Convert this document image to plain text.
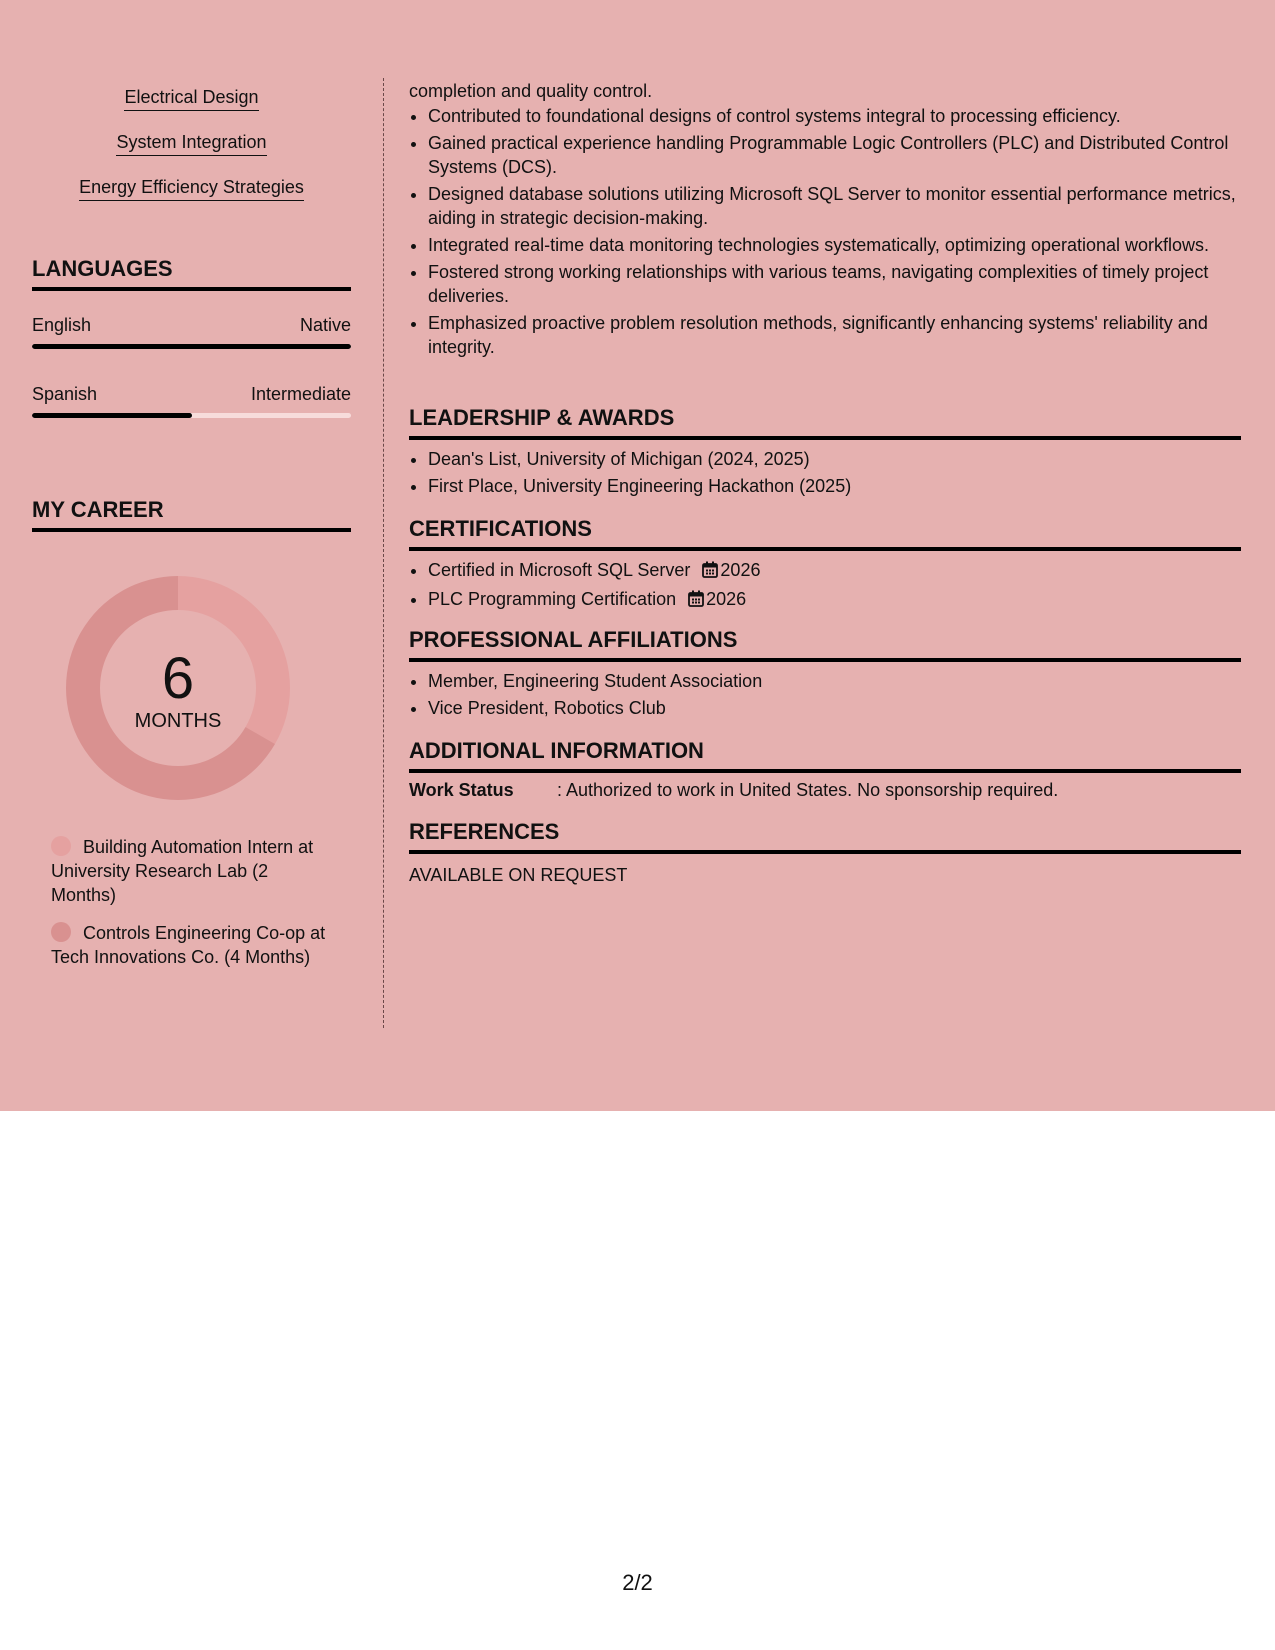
Electrical Design
System Integration
Energy Efficiency Strategies
LANGUAGES
English	Native
Spanish	Intermediate
MY CAREER
6
MONTHS
Building Automation Intern at University Research Lab (2 Months)
Controls Engineering Co-op at Tech Innovations Co. (4 Months)
completion and quality control.
• Contributed to foundational designs of control systems integral to processing efficiency.
• Gained practical experience handling Programmable Logic Controllers (PLC) and Distributed Control Systems (DCS).
• Designed database solutions utilizing Microsoft SQL Server to monitor essential performance metrics, aiding in strategic decision-making.
• Integrated real-time data monitoring technologies systematically, optimizing operational workflows.
• Fostered strong working relationships with various teams, navigating complexities of timely project deliveries.
• Emphasized proactive problem resolution methods, significantly enhancing systems' reliability and integrity.
LEADERSHIP & AWARDS
• Dean's List, University of Michigan (2024, 2025)
• First Place, University Engineering Hackathon (2025)
CERTIFICATIONS
• Certified in Microsoft SQL Server 2026
• PLC Programming Certification 2026
PROFESSIONAL AFFILIATIONS
• Member, Engineering Student Association
• Vice President, Robotics Club
ADDITIONAL INFORMATION
Work Status : Authorized to work in United States. No sponsorship required.
REFERENCES
AVAILABLE ON REQUEST
2/2
